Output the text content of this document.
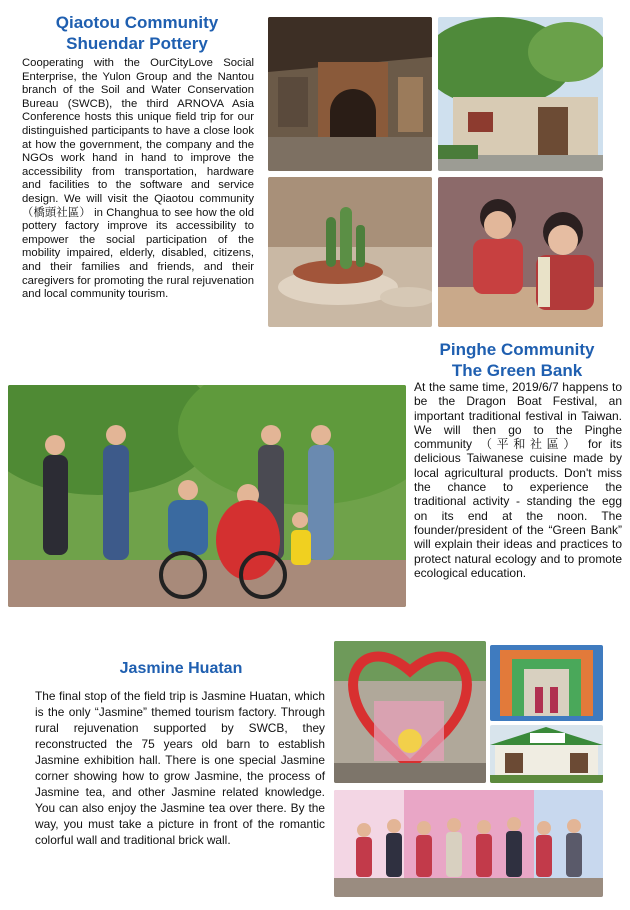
Qiaotou Community
Shuendar Pottery

Cooperating with the OurCityLove Social Enterprise, the Yulon Group and the Nantou branch of the Soil and Water Conservation Bureau (SWCB), the third ARNOVA Asia Conference hosts this unique field trip for our distinguished participants to have a close look at how the government, the company and the NGOs work hand in hand to improve the accessibility from transportation, hardware and facilities to the software and service design. We will visit the Qiaotou community （橋頭社區） in Changhua to see how the old pottery factory improve its accessibility to empower the social participation of the mobility impaired, elderly, disabled, citizens, and their families and friends, and their caregivers for promoting the rural rejuvenation and local community tourism.

Pinghe Community
The Green Bank

At the same time, 2019/6/7 happens to be the Dragon Boat Festival, an important traditional festival in Taiwan. We will then go to the Pinghe community （平和社區） for its delicious Taiwanese cuisine made by local agricultural products. Don't miss the chance to experience the traditional activity - standing the egg on its end at the noon. The founder/president of the “Green Bank” will explain their ideas and practices to protect natural ecology and to promote ecological education.

Jasmine Huatan

The final stop of the field trip is Jasmine Huatan, which is the only “Jasmine” themed tourism factory. Through rural rejuvenation supported by SWCB, they reconstructed the 75 years old barn to establish Jasmine exhibition hall. There is one special Jasmine corner showing how to grow Jasmine, the process of Jasmine tea, and other Jasmine related knowledge. You can also enjoy the Jasmine tea over there. By the way, you must take a picture in front of the romantic colorful wall and traditional brick wall.
